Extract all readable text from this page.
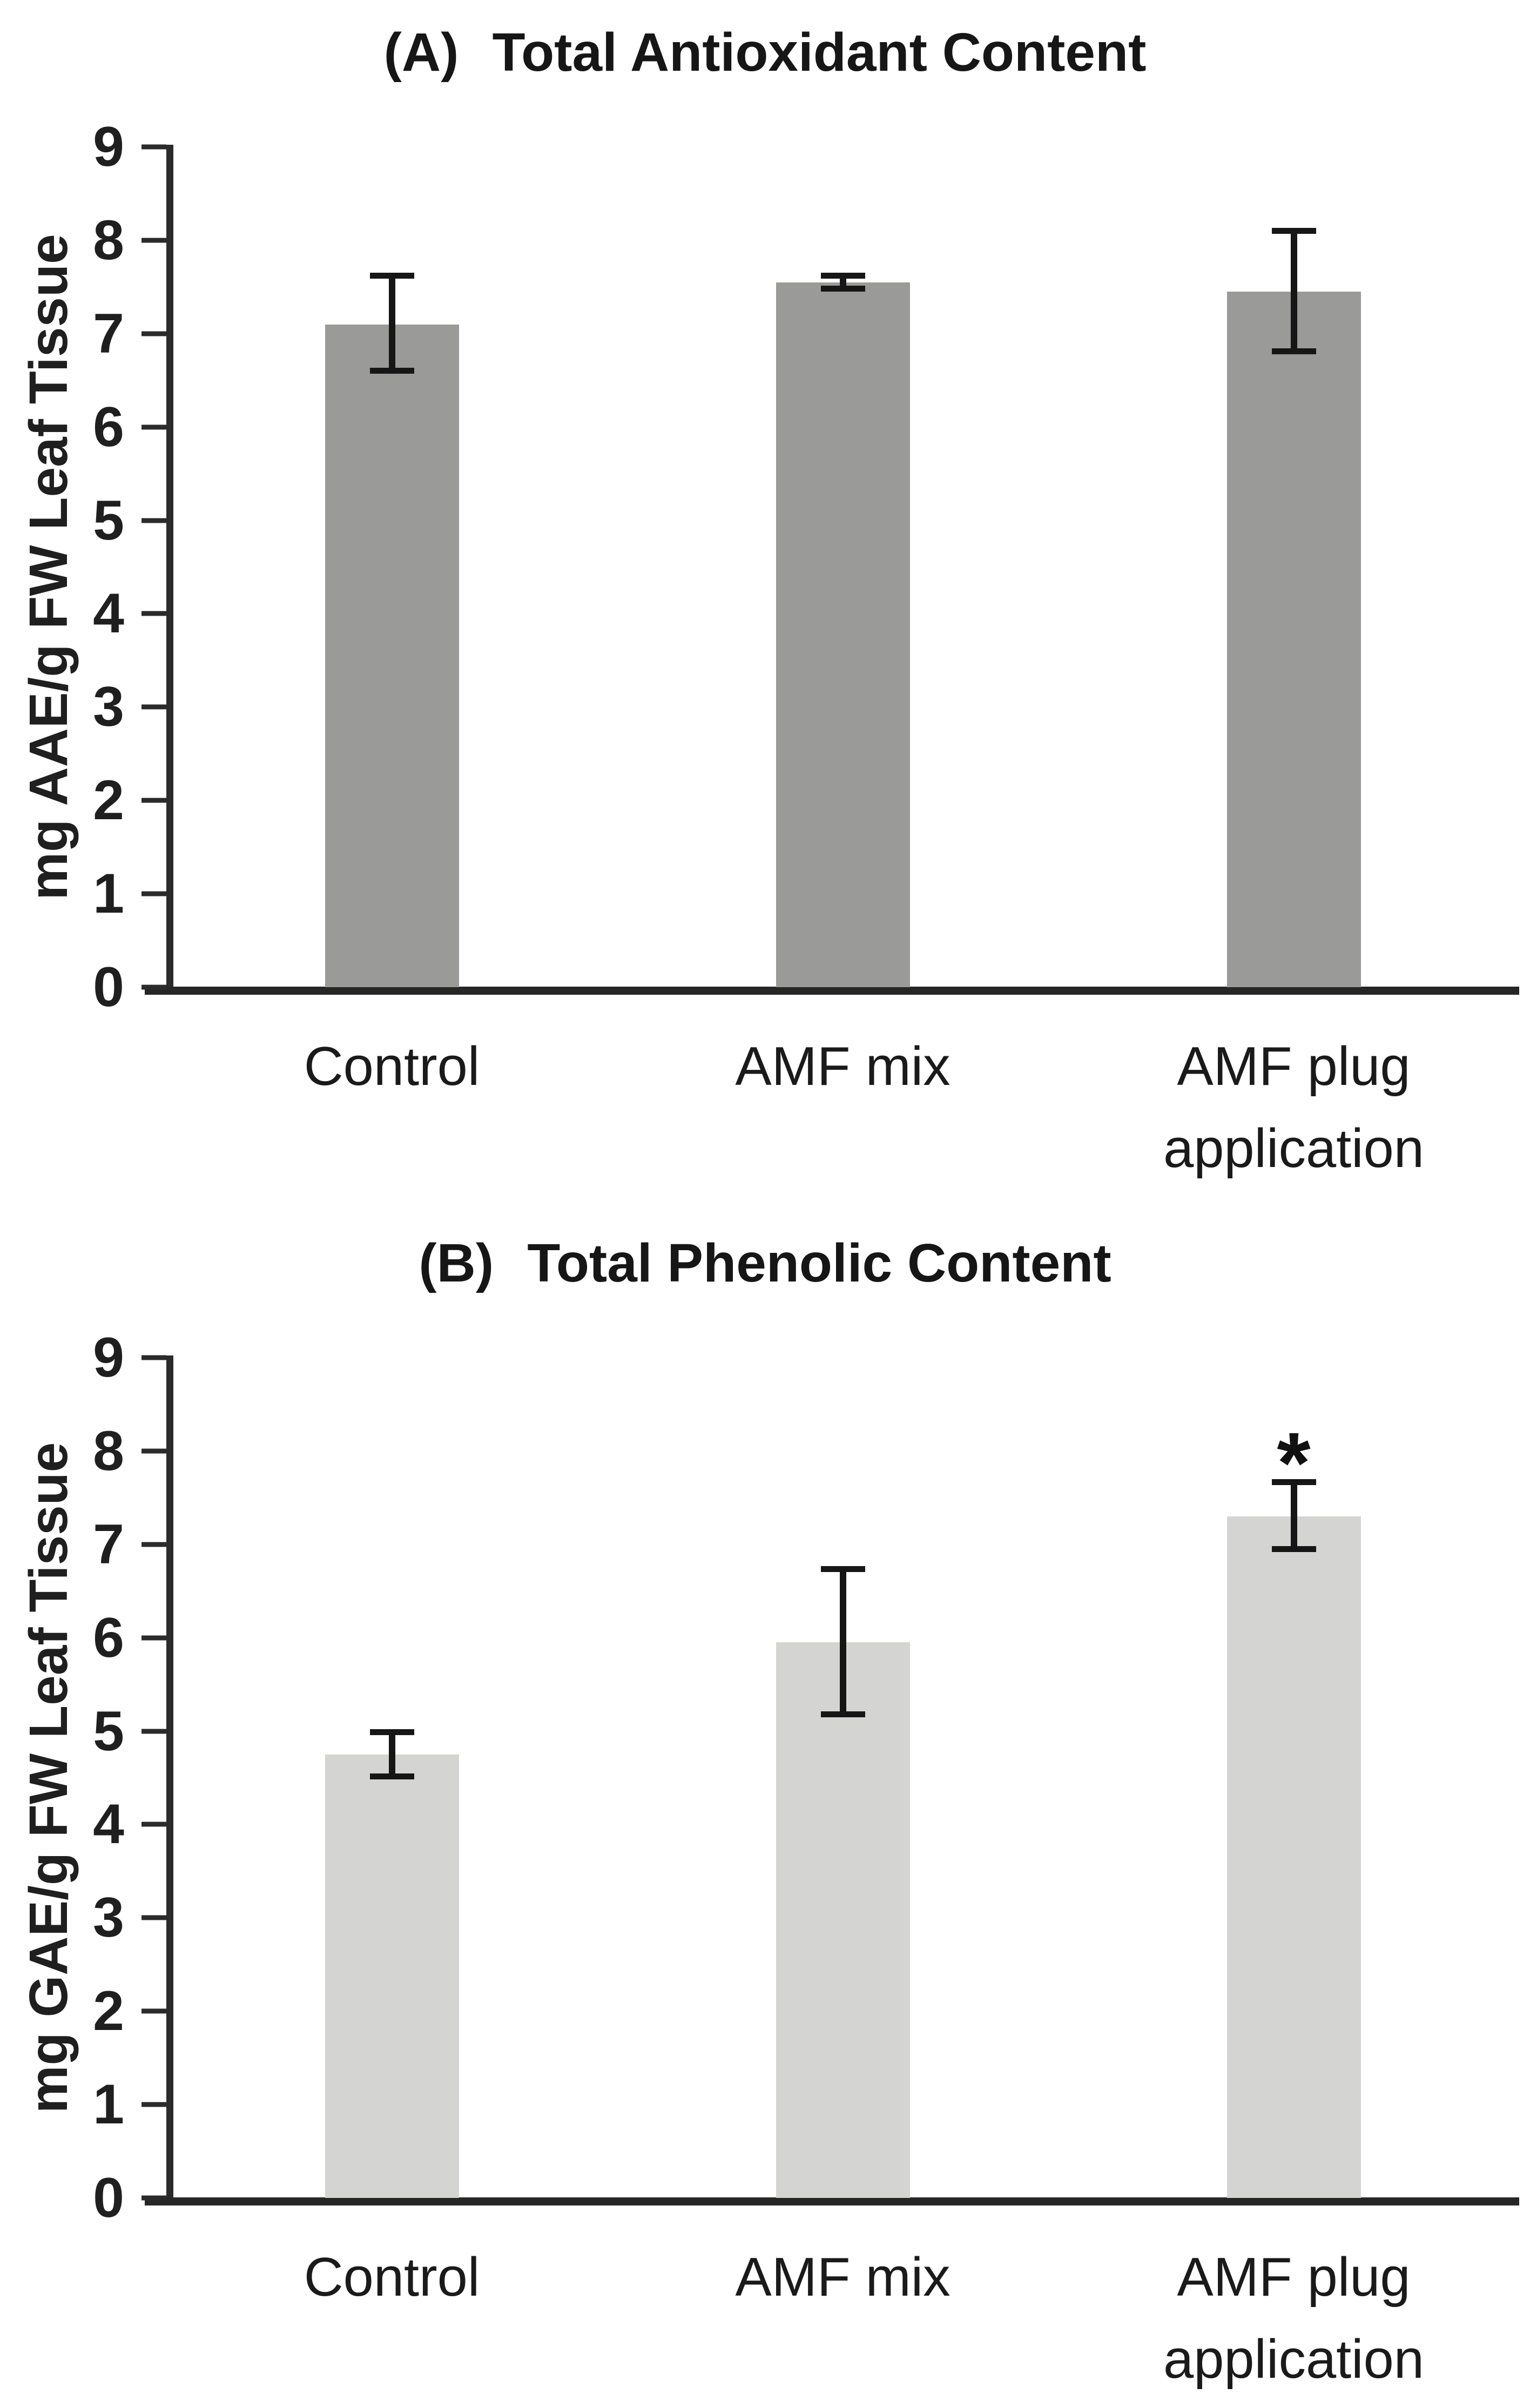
(A) Total Antioxidant Content
mg AAE/g FW Leaf Tissue
0
1
2
3
4
5
6
7
8
9
Control	AMF mix	AMF plug application
(B) Total Phenolic Content
mg GAE/g FW Leaf Tissue
0
1
2
3
4
5
6
7
8
9
*
Control	AMF mix	AMF plug application
